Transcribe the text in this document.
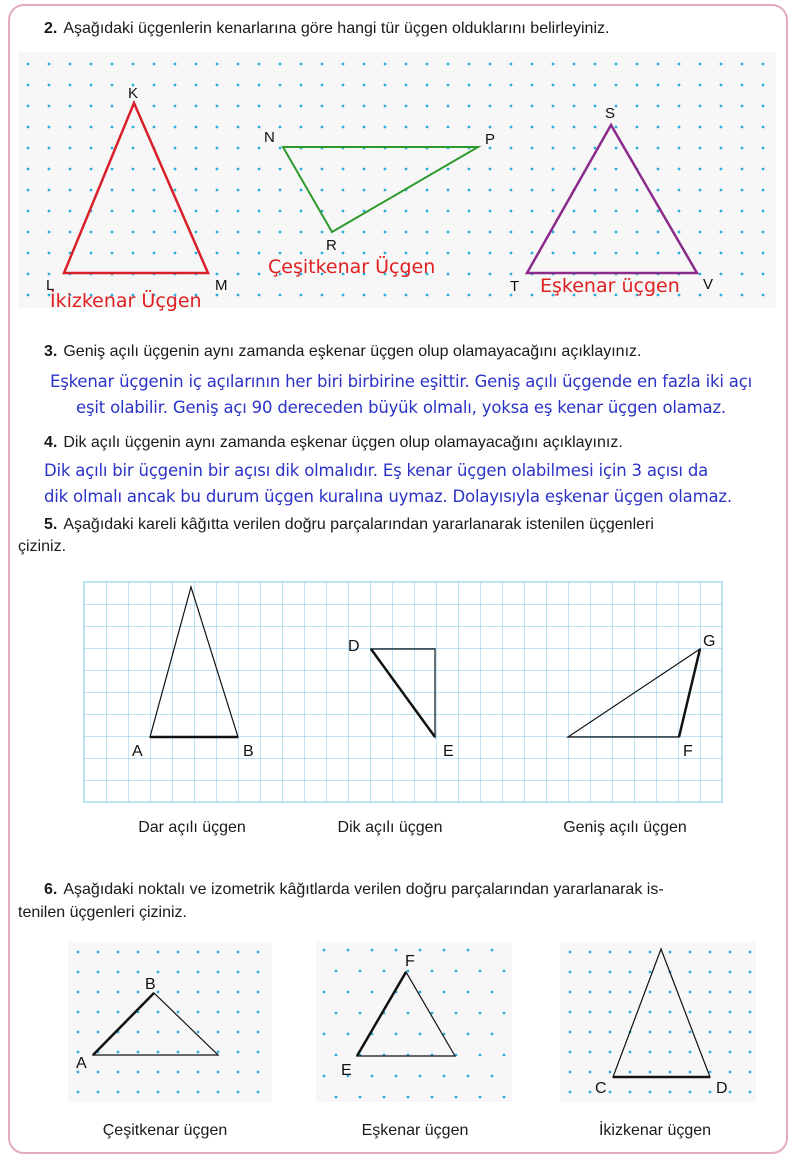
2. Aşağıdaki üçgenlerin kenarlarına göre hangi tür üçgen olduklarını belirleyiniz.
K
L	M
N	P
R
S
T	V
İkizkenar Üçgen
Çeşitkenar Üçgen
Eşkenar üçgen
3. Geniş açılı üçgenin aynı zamanda eşkenar üçgen olup olamayacağını açıklayınız.
Eşkenar üçgenin iç açılarının her biri birbirine eşittir. Geniş açılı üçgende en fazla iki açı
eşit olabilir. Geniş açı 90 dereceden büyük olmalı, yoksa eş kenar üçgen olamaz.
4. Dik açılı üçgenin aynı zamanda eşkenar üçgen olup olamayacağını açıklayınız.
Dik açılı bir üçgenin bir açısı dik olmalıdır. Eş kenar üçgen olabilmesi için 3 açısı da
dik olmalı ancak bu durum üçgen kuralına uymaz. Dolayısıyla eşkenar üçgen olamaz.
5. Aşağıdaki kareli kâğıtta verilen doğru parçalarından yararlanarak istenilen üçgenleri
çiziniz.
A	B
D
E
G
F
Dar açılı üçgen	Dik açılı üçgen	Geniş açılı üçgen
6. Aşağıdaki noktalı ve izometrik kâğıtlarda verilen doğru parçalarından yararlanarak is-
tenilen üçgenleri çiziniz.
B
A
F
E
C	D
Çeşitkenar üçgen	Eşkenar üçgen	İkizkenar üçgen
